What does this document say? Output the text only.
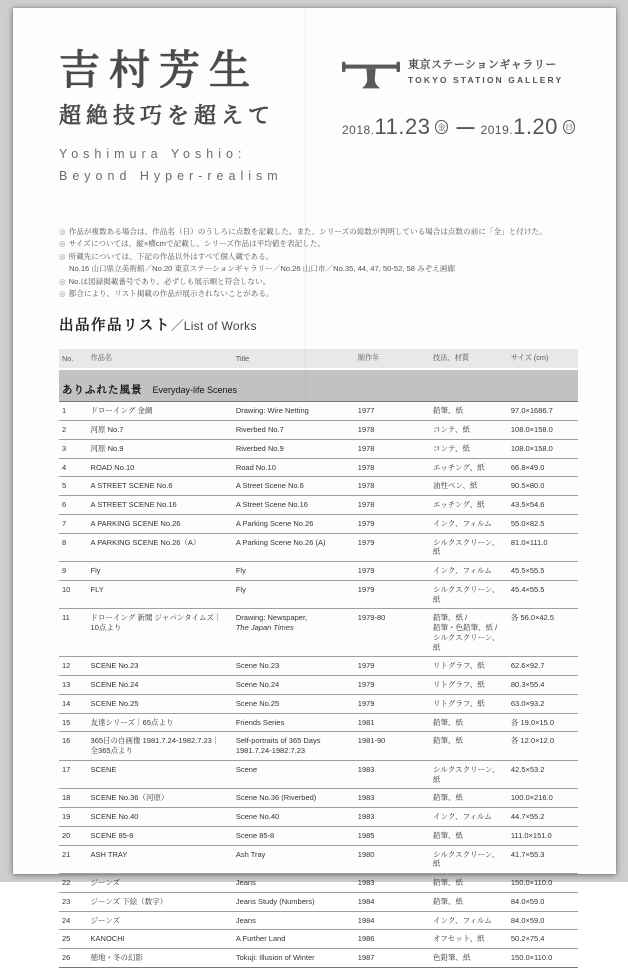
吉村芳生
超絶技巧を超えて
Yoshimura Yoshio:
Beyond Hyper-realism
東京ステーションギャラリー
TOKYO STATION GALLERY
2018. 11.23 金 — 2019. 1.20 日
◎ 作品が複数ある場合は、作品名（日）のうしろに点数を記載した。また、シリーズの総数が判明している場合は点数の前に「全」と付けた。
◎ サイズについては、縦×横cmで記載し、シリーズ作品は平均値を表記した。
◎ 所蔵先については、下記の作品以外はすべて個人蔵である。
No.16 山口県立美術館／No.20 東京ステーションギャラリー／No.26 山口市／No.35, 44, 47, 50-52, 58 みぞえ画廊
◎ No.は図録掲載番号であり、必ずしも展示順と符合しない。
◎ 都合により、リスト掲載の作品が展示されないことがある。
出品作品リスト／List of Works
No.	作品名	Title	制作年	技法、材質	サイズ (cm)

ありふれた風景 Everyday-life Scenes					

1	ドローイング 金網	Drawing: Wire Netting	1977	鉛筆、紙	97.0×1686.7
2	河原 No.7	Riverbed No.7	1978	コンテ、紙	108.0×158.0
3	河原 No.9	Riverbed No.9	1978	コンテ、紙	108.0×158.0
4	ROAD No.10	Road No.10	1978	エッチング、紙	66.8×49.0
5	A STREET SCENE No.6	A Street Scene No.6	1978	油性ペン、紙	90.5×80.0
6	A STREET SCENE No.16	A Street Scene No.16	1978	エッチング、紙	43.5×54.6
7	A PARKING SCENE No.26	A Parking Scene No.26	1979	インク、フィルム	55.0×82.5
8	A PARKING SCENE No.26（A）	A Parking Scene No.26 (A)	1979	シルクスクリーン、紙	81.0×111.0
9	Fly	Fly	1979	インク、フィルム	45.5×55.5
10	FLY	Fly	1979	シルクスクリーン、紙	45.4×55.5
11	ドローイング 新聞 ジャパンタイムズ｜
10点より	Drawing: Newspaper,
The Japan Times	1979-80	鉛筆、紙 /
鉛筆・色鉛筆、紙 /
シルクスクリーン、紙	各 56.0×42.5
12	SCENE No.23	Scene No.23	1979	リトグラフ、紙	62.6×92.7
13	SCENE No.24	Scene No.24	1979	リトグラフ、紙	80.3×55.4
14	SCENE No.25	Scene No.25	1979	リトグラフ、紙	63.0×93.2
15	友達シリーズ｜65点より	Friends Series	1981	鉛筆、紙	各 19.0×15.0
16	365日の自画像 1981.7.24-1982.7.23｜
全365点より	Self-portraits of 365 Days
1981.7.24-1982.7.23	1981-90	鉛筆、紙	各 12.0×12.0
17	SCENE	Scene	1983	シルクスクリーン、紙	42.5×53.2
18	SCENE No.36（河原）	Scene No.36 (Riverbed)	1983	鉛筆、紙	100.0×216.0
19	SCENE No.40	Scene No.40	1983	インク、フィルム	44.7×55.2
20	SCENE 85-8	Scene 85-8	1985	鉛筆、紙	111.0×151.0
21	ASH TRAY	Ash Tray	1980	シルクスクリーン、紙	41.7×55.3
22	ジーンズ	Jeans	1983	鉛筆、紙	150.0×110.0
23	ジーンズ 下絵（数字）	Jeans Study (Numbers)	1984	鉛筆、紙	84.0×59.0
24	ジーンズ	Jeans	1984	インク、フィルム	84.0×59.0
25	KANOCHI	A Further Land	1986	オフセット、紙	50.2×75.4
26	徳地・冬の幻影	Tokuji: Illusion of Winter	1987	色鉛筆、紙	150.0×110.0
